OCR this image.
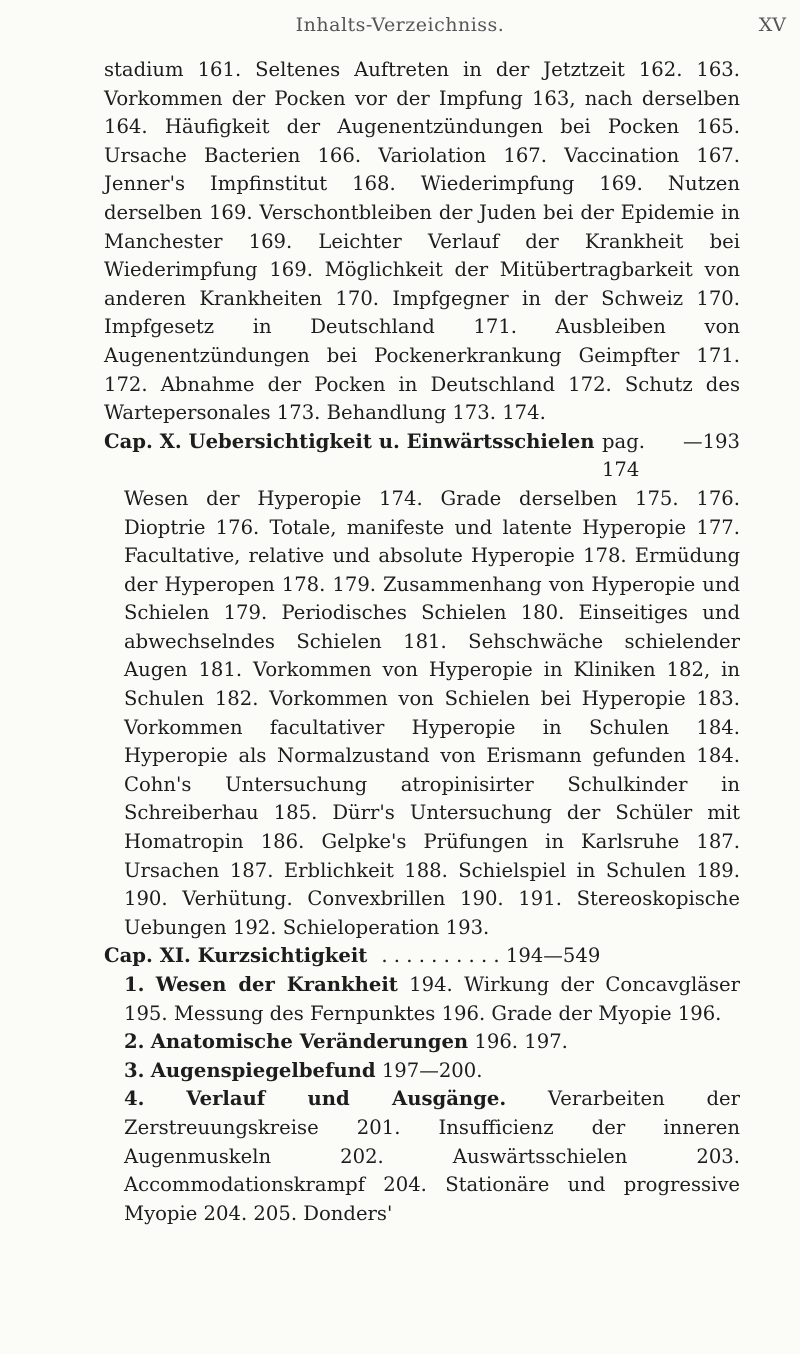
Inhalts-Verzeichniss.	XV

stadium 161. Seltenes Auftreten in der Jetztzeit 162. 163. Vorkommen der Pocken vor der Impfung 163, nach derselben 164. Häufigkeit der Augenentzündungen bei Pocken 165. Ursache Bacterien 166. Variolation 167. Vaccination 167. Jenner's Impfinstitut 168. Wiederimpfung 169. Nutzen derselben 169. Verschontbleiben der Juden bei der Epidemie in Manchester 169. Leichter Verlauf der Krankheit bei Wiederimpfung 169. Möglichkeit der Mitübertragbarkeit von anderen Krankheiten 170. Impfgegner in der Schweiz 170. Impfgesetz in Deutschland 171. Ausbleiben von Augenentzündungen bei Pockenerkrankung Geimpfter 171. 172. Abnahme der Pocken in Deutschland 172. Schutz des Wartepersonales 173. Behandlung 173. 174.

Cap. X. Uebersichtigkeit u. Einwärtsschielen pag. 174
—193

Wesen der Hyperopie 174. Grade derselben 175. 176. Dioptrie 176. Totale, manifeste und latente Hyperopie 177. Facultative, relative und absolute Hyperopie 178. Ermüdung der Hyperopen 178. 179. Zusammenhang von Hyperopie und Schielen 179. Periodisches Schielen 180. Einseitiges und abwechselndes Schielen 181. Sehschwäche schielender Augen 181. Vorkommen von Hyperopie in Kliniken 182, in Schulen 182. Vorkommen von Schielen bei Hyperopie 183. Vorkommen facultativer Hyperopie in Schulen 184. Hyperopie als Normalzustand von Erismann gefunden 184. Cohn's Untersuchung atropinisirter Schulkinder in Schreiberhau 185. Dürr's Untersuchung der Schüler mit Homatropin 186. Gelpke's Prüfungen in Karlsruhe 187. Ursachen 187. Erblichkeit 188. Schielspiel in Schulen 189. 190. Verhütung. Convexbrillen 190. 191. Stereoskopische Uebungen 192. Schieloperation 193.

Cap. XI. Kurzsichtigkeit . . . . . . . . . . 194 —549

1. Wesen der Krankheit 194. Wirkung der Concavgläser 195. Messung des Fernpunktes 196. Grade der Myopie 196.

2. Anatomische Veränderungen 196. 197.

3. Augenspiegelbefund 197—200.

4. Verlauf und Ausgänge. Verarbeiten der Zerstreuungskreise 201. Insufficienz der inneren Augenmuskeln 202. Auswärtsschielen 203. Accommodationskrampf 204. Stationäre und progressive Myopie 204. 205. Donders'
